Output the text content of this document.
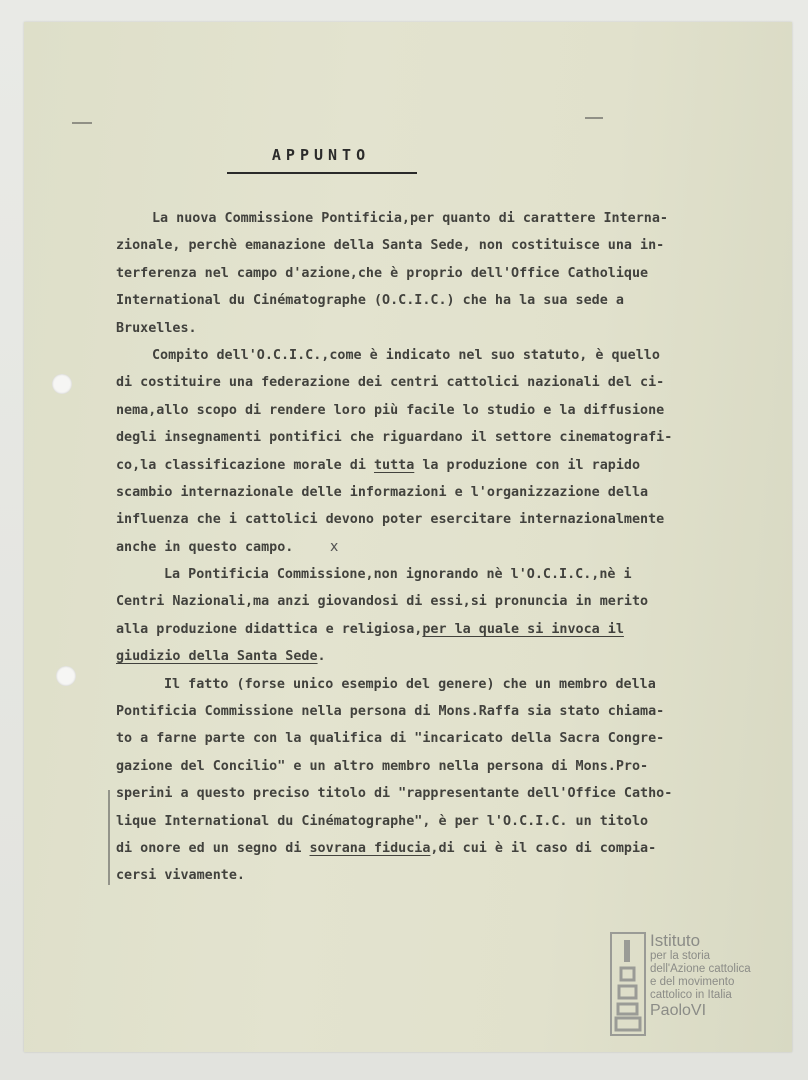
APPUNTO
La nuova Commissione Pontificia,per quanto di carattere Interna-
zionale, perchè emanazione della Santa Sede, non costituisce una in-
terferenza nel campo d'azione,che è proprio dell'Office Catholique
International du Cinématographe (O.C.I.C.) che ha la sua sede a
Bruxelles.
Compito dell'O.C.I.C.,come è indicato nel suo statuto, è quello
di costituire una federazione dei centri cattolici nazionali del ci-
nema,allo scopo di rendere loro più facile lo studio e la diffusione
degli insegnamenti pontifici che riguardano il settore cinematografi-
co,la classificazione morale di tutta la produzione con il rapido
scambio internazionale delle informazioni e l'organizzazione della
influenza che i cattolici devono poter esercitare internazionalmente
anche in questo campo.
La Pontificia Commissione,non ignorando nè l'O.C.I.C.,nè i
Centri Nazionali,ma anzi giovandosi di essi,si pronuncia in merito
alla produzione didattica e religiosa,per la quale si invoca il
giudizio della Santa Sede.
Il fatto (forse unico esempio del genere) che un membro della
Pontificia Commissione nella persona di Mons.Raffa sia stato chiama-
to a farne parte con la qualifica di "incaricato della Sacra Congre-
gazione del Concilio" e un altro membro nella persona di Mons.Pro-
sperini a questo preciso titolo di "rappresentante dell'Office Catho-
lique International du Cinématographe", è per l'O.C.I.C. un titolo
di onore ed un segno di sovrana fiducia,di cui è il caso di compia-
cersi vivamente.
x
Istituto
per la storia
dell'Azione cattolica
e del movimento
cattolico in Italia
PaoloVI
